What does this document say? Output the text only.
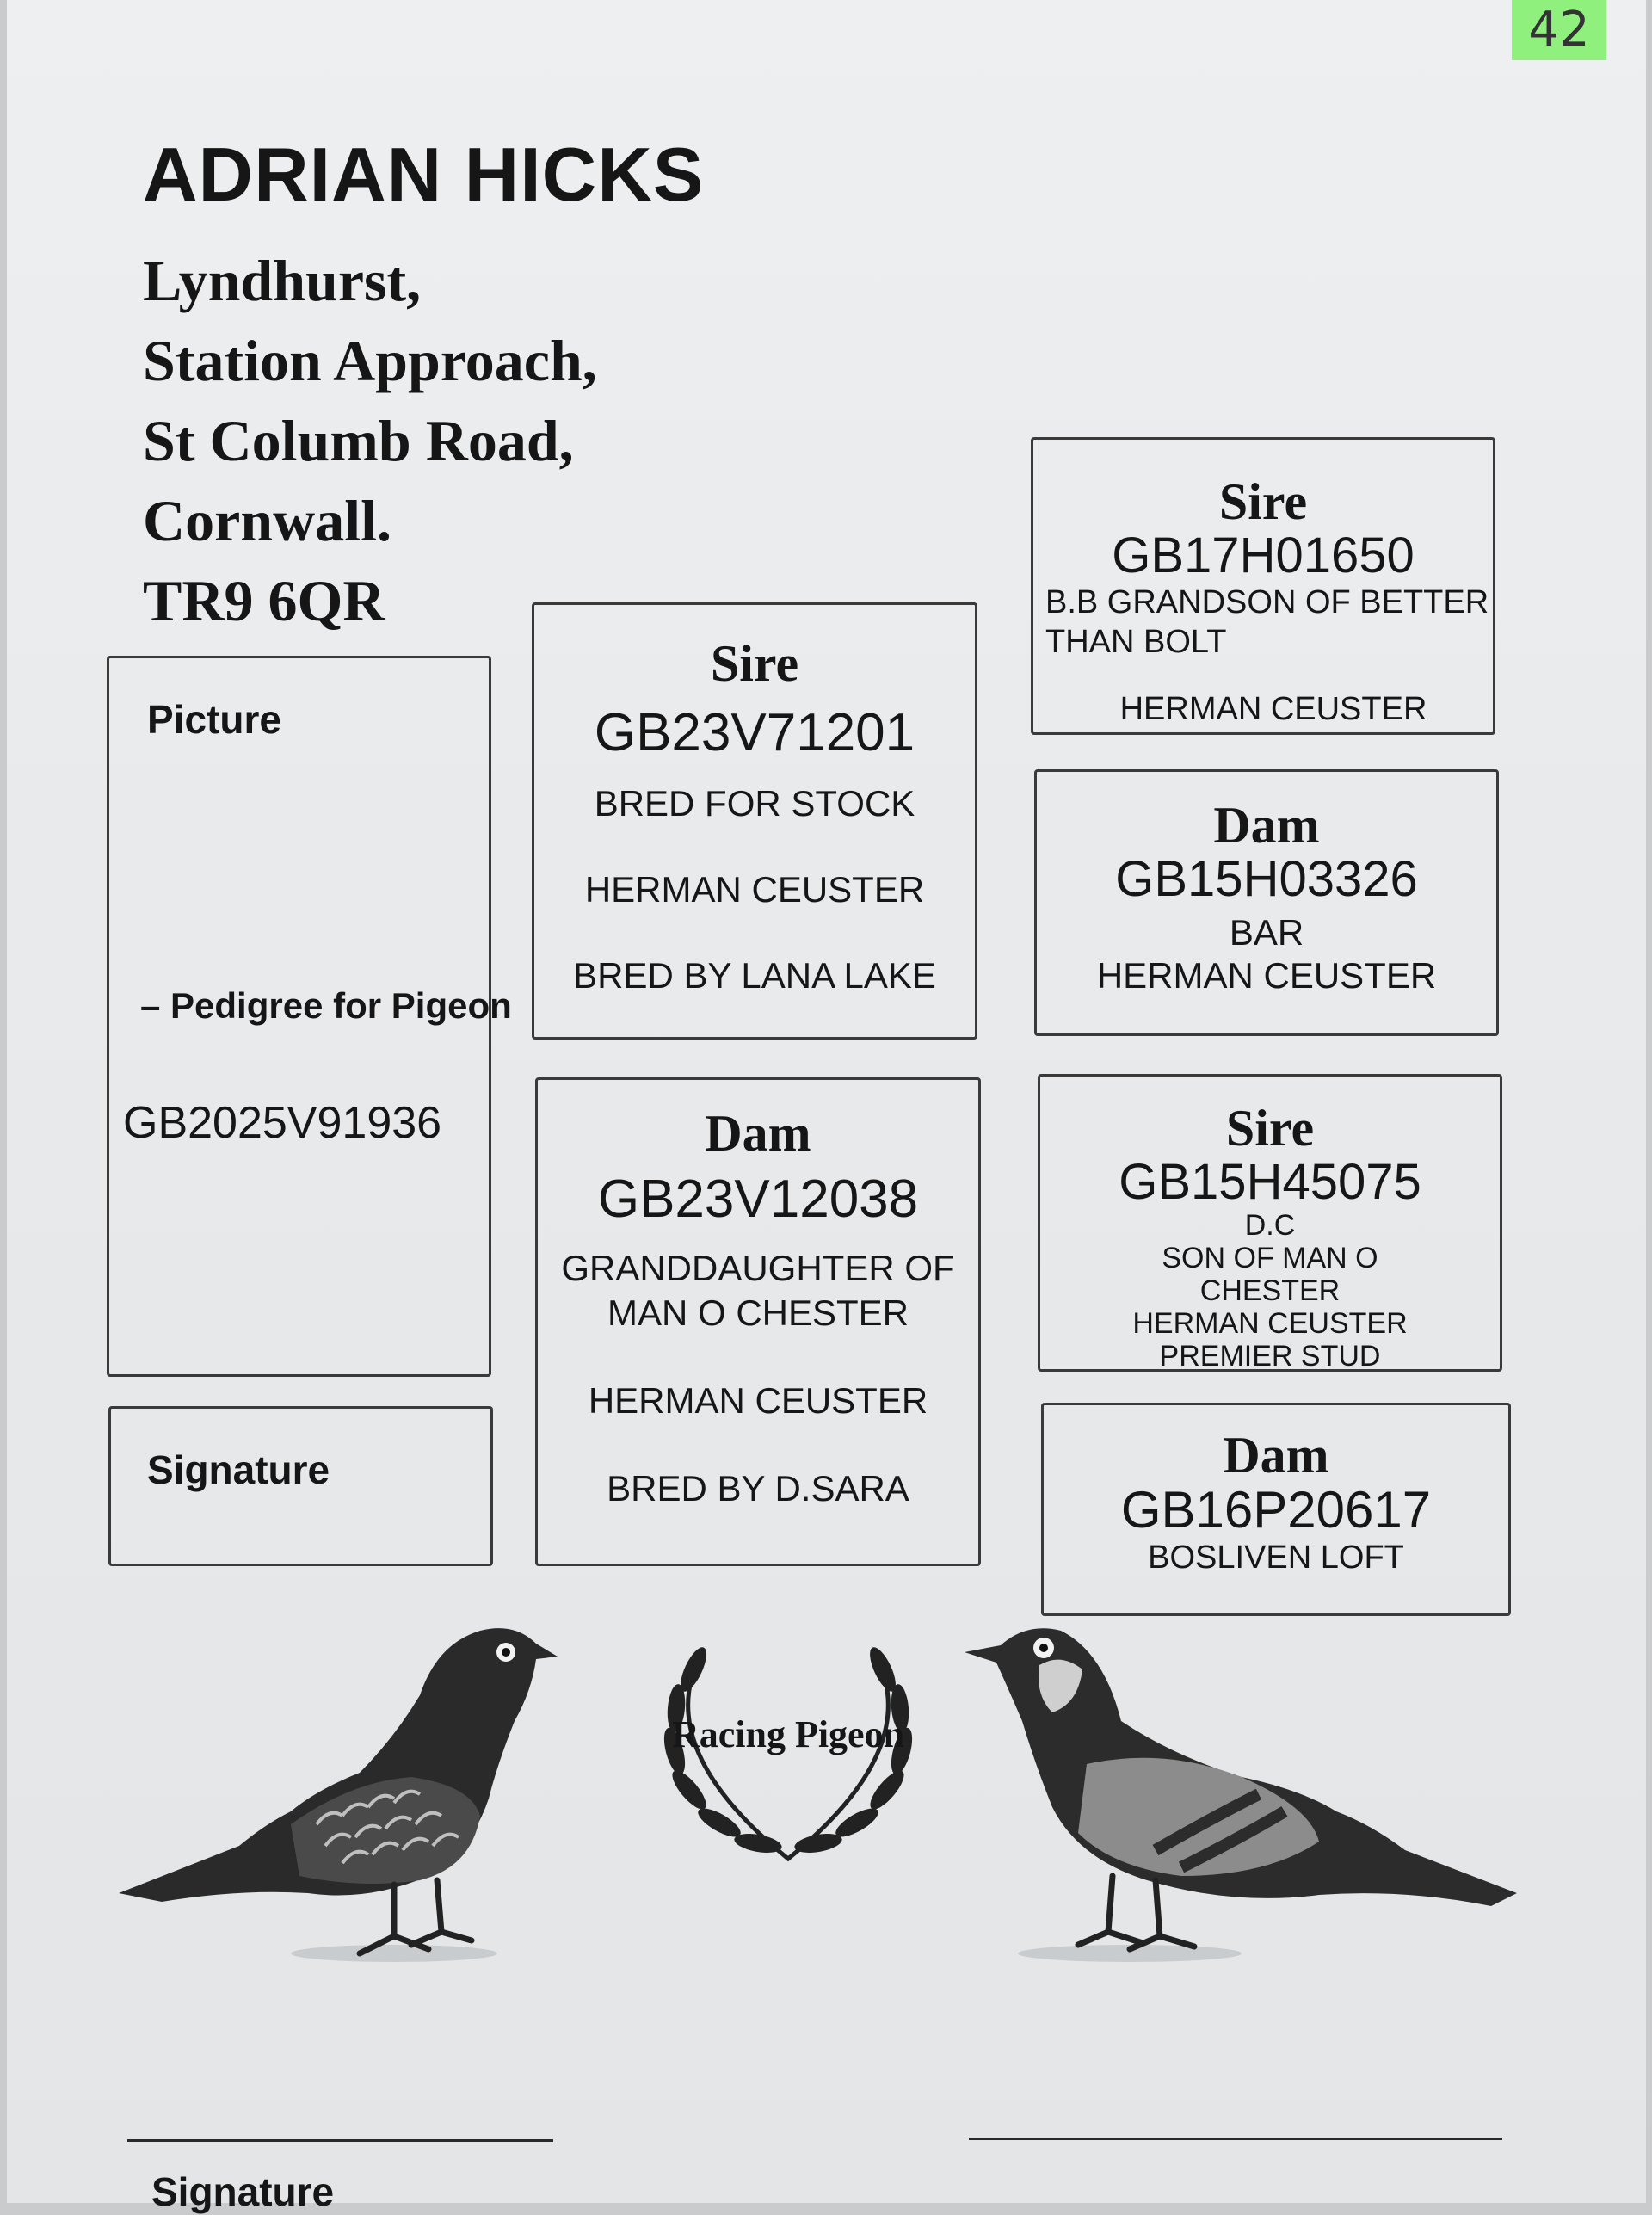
42
ADRIAN HICKS
Lyndhurst,
Station Approach,
St Columb Road,
Cornwall.
TR9 6QR
Picture
– Pedigree for Pigeon
GB2025V91936
Signature
Sire
GB23V71201
BRED FOR STOCK
HERMAN CEUSTER
BRED BY LANA LAKE
Dam
GB23V12038
GRANDDAUGHTER OF
MAN O CHESTER
HERMAN CEUSTER
BRED BY D.SARA
Sire
GB17H01650
B.B GRANDSON OF BETTER
THAN BOLT
HERMAN CEUSTER
Dam
GB15H03326
BAR
HERMAN CEUSTER
Sire
GB15H45075
D.C
SON OF MAN O
CHESTER
HERMAN CEUSTER
PREMIER STUD
Dam
GB16P20617
BOSLIVEN LOFT
Racing Pigeon
Signature
